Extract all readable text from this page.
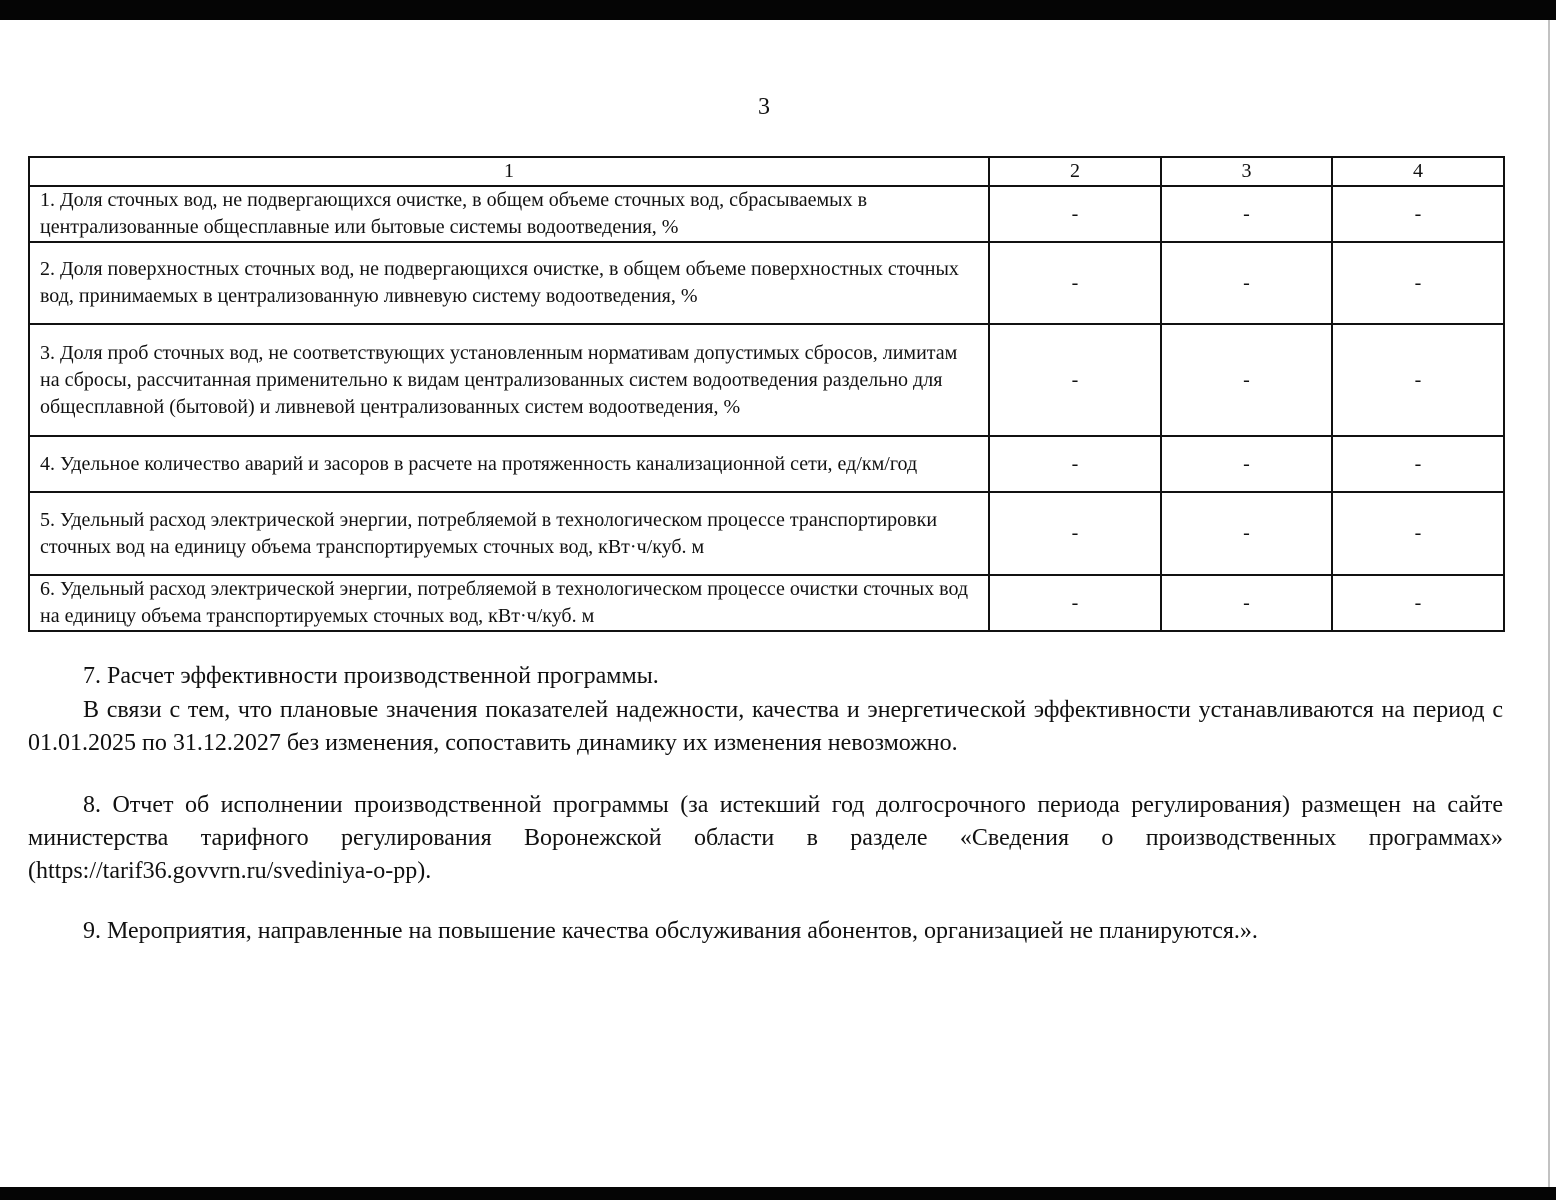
3
1	2	3	4
1. Доля сточных вод, не подвергающихся очистке, в общем объеме сточных вод, сбрасываемых в централизованные общесплавные или бытовые системы водоотведения, %	-	-	-
2. Доля поверхностных сточных вод, не подвергающихся очистке, в общем объеме поверхностных сточных вод, принимаемых в централизованную ливневую систему водоотведения, %	-	-	-
3. Доля проб сточных вод, не соответствующих установленным нормативам допустимых сбросов, лимитам на сбросы, рассчитанная применительно к видам централизованных систем водоотведения раздельно для общесплавной (бытовой) и ливневой централизованных систем водоотведения, %	-	-	-
4. Удельное количество аварий и засоров в расчете на протяженность канализационной сети, ед/км/год	-	-	-
5. Удельный расход электрической энергии, потребляемой в технологическом процессе транспортировки сточных вод на единицу объема транспортируемых сточных вод, кВт·ч/куб. м	-	-	-
6. Удельный расход электрической энергии, потребляемой в технологическом процессе очистки сточных вод на единицу объема транспортируемых сточных вод, кВт·ч/куб. м	-	-	-

7. Расчет эффективности производственной программы.

В связи с тем, что плановые значения показателей надежности, качества и энергетической эффективности устанавливаются на период с 01.01.2025 по 31.12.2027 без изменения, сопоставить динамику их изменения невозможно.

8. Отчет об исполнении производственной программы (за истекший год долгосрочного периода регулирования) размещен на сайте министерства тарифного регулирования Воронежской области в разделе «Сведения о производственных программах» (https://tarif36.govvrn.ru/svediniya-o-pp).

9. Мероприятия, направленные на повышение качества обслуживания абонентов, организацией не планируются.».
